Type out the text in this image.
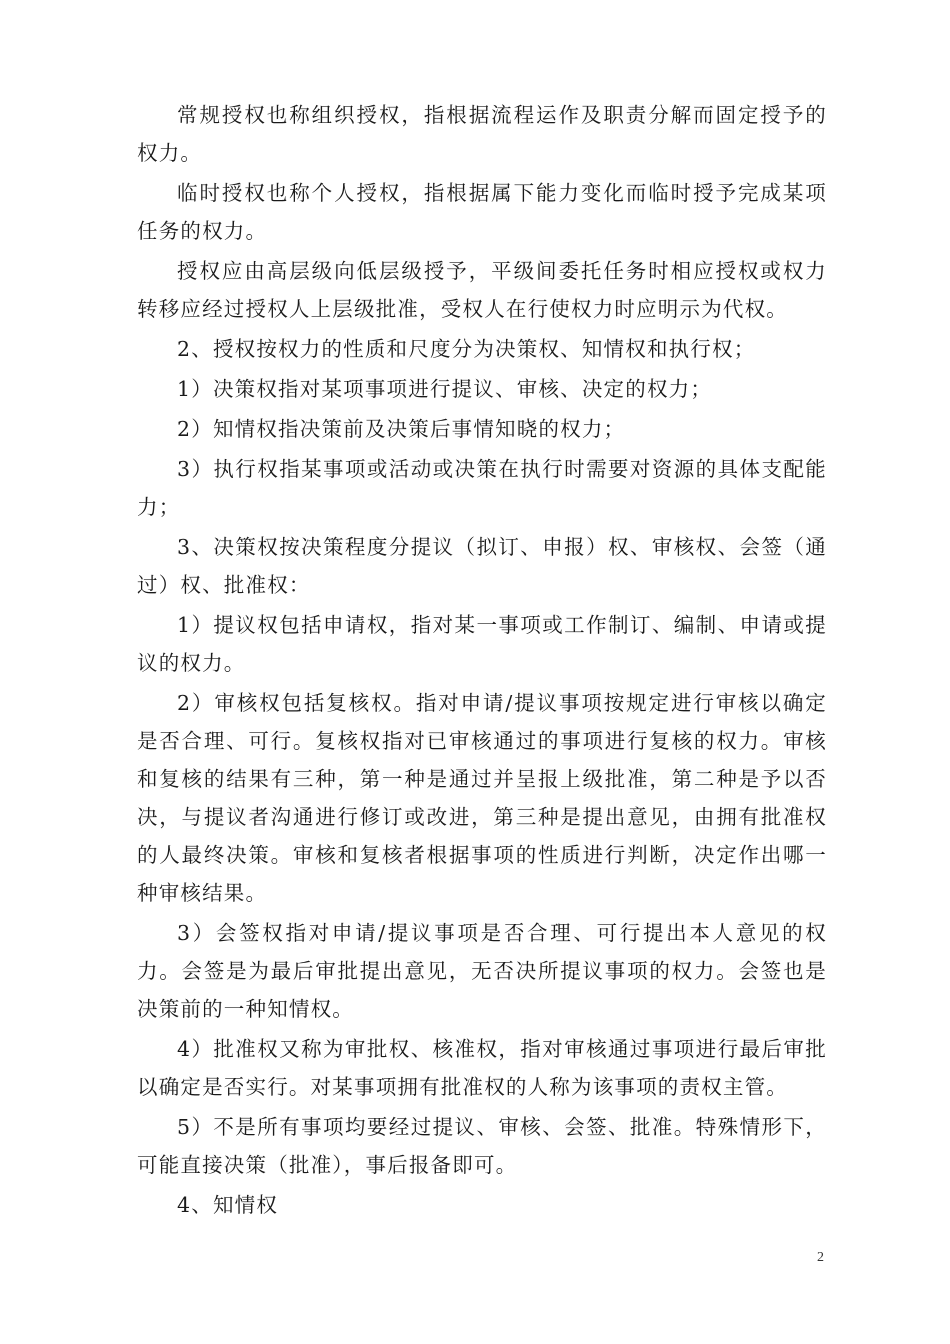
常规授权也称组织授权，指根据流程运作及职责分解而固定授予的权力。

临时授权也称个人授权，指根据属下能力变化而临时授予完成某项任务的权力。

授权应由高层级向低层级授予，平级间委托任务时相应授权或权力转移应经过授权人上层级批准，受权人在行使权力时应明示为代权。

2、授权按权力的性质和尺度分为决策权、知情权和执行权；

1）决策权指对某项事项进行提议、审核、决定的权力；

2）知情权指决策前及决策后事情知晓的权力；

3）执行权指某事项或活动或决策在执行时需要对资源的具体支配能力；

3、决策权按决策程度分提议（拟订、申报）权、审核权、会签（通过）权、批准权：

1）提议权包括申请权，指对某一事项或工作制订、编制、申请或提议的权力。

2）审核权包括复核权。指对申请/提议事项按规定进行审核以确定是否合理、可行。复核权指对已审核通过的事项进行复核的权力。审核和复核的结果有三种，第一种是通过并呈报上级批准，第二种是予以否决，与提议者沟通进行修订或改进，第三种是提出意见，由拥有批准权的人最终决策。审核和复核者根据事项的性质进行判断，决定作出哪一种审核结果。

3）会签权指对申请/提议事项是否合理、可行提出本人意见的权力。会签是为最后审批提出意见，无否决所提议事项的权力。会签也是决策前的一种知情权。

4）批准权又称为审批权、核准权，指对审核通过事项进行最后审批以确定是否实行。对某事项拥有批准权的人称为该事项的责权主管。

5）不是所有事项均要经过提议、审核、会签、批准。特殊情形下，可能直接决策（批准），事后报备即可。

4、知情权

2
